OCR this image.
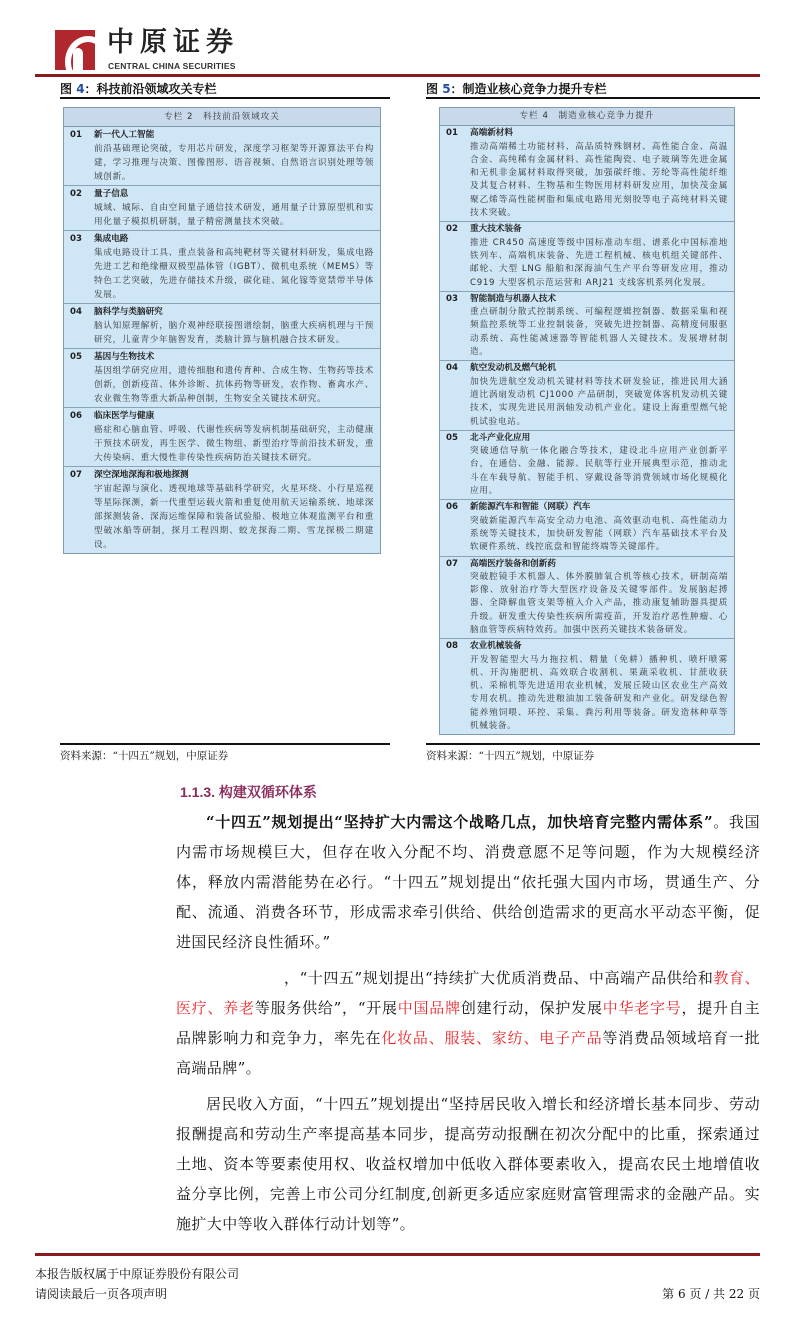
中原证券
CENTRAL CHINA SECURITIES
图 4：科技前沿领域攻关专栏
专栏 2　科技前沿领域攻关
01 新一代人工智能
前沿基础理论突破，专用芯片研发，深度学习框架等开源算法平台构建，学习推理与决策、图像图形、语音视频、自然语言识别处理等领域创新。
02 量子信息
城域、城际、自由空间量子通信技术研发，通用量子计算原型机和实用化量子模拟机研制，量子精密测量技术突破。
03 集成电路
集成电路设计工具、重点装备和高纯靶材等关键材料研发，集成电路先进工艺和绝缘栅双极型晶体管（IGBT）、微机电系统（MEMS）等特色工艺突破，先进存储技术升级，碳化硅、氮化镓等宽禁带半导体发展。
04 脑科学与类脑研究
脑认知原理解析，脑介观神经联接图谱绘制，脑重大疾病机理与干预研究，儿童青少年脑智发育，类脑计算与脑机融合技术研发。
05 基因与生物技术
基因组学研究应用，遗传细胞和遗传育种、合成生物、生物药等技术创新，创新疫苗、体外诊断、抗体药物等研发，农作物、畜禽水产、农业微生物等重大新品种创制，生物安全关键技术研究。
06 临床医学与健康
癌症和心脑血管、呼吸、代谢性疾病等发病机制基础研究，主动健康干预技术研发，再生医学、微生物组、新型治疗等前沿技术研发，重大传染病、重大慢性非传染性疾病防治关键技术研究。
07 深空深地深海和极地探测
宇宙起源与演化、透视地球等基础科学研究，火星环绕、小行星巡视等星际探测，新一代重型运载火箭和重复使用航天运输系统、地球深部探测装备、深海运维保障和装备试验船、极地立体观监测平台和重型破冰船等研制，探月工程四期、蛟龙探海二期、雪龙探极二期建设。
资料来源：“十四五”规划，中原证券
图 5：制造业核心竞争力提升专栏
专栏 4　制造业核心竞争力提升
01 高端新材料
推动高端稀土功能材料、高品质特殊钢材、高性能合金、高温合金、高纯稀有金属材料、高性能陶瓷、电子玻璃等先进金属和无机非金属材料取得突破，加强碳纤维、芳纶等高性能纤维及其复合材料、生物基和生物医用材料研发应用，加快茂金属聚乙烯等高性能树脂和集成电路用光刻胶等电子高纯材料关键技术突破。
02 重大技术装备
推进 CR450 高速度等级中国标准动车组、谱系化中国标准地铁列车、高端机床装备、先进工程机械、核电机组关键部件、邮轮、大型 LNG 船舶和深海油气生产平台等研发应用，推动 C919 大型客机示范运营和 ARJ21 支线客机系列化发展。
03 智能制造与机器人技术
重点研制分散式控制系统、可编程逻辑控制器、数据采集和视频监控系统等工业控制装备，突破先进控制器、高精度伺服驱动系统、高性能减速器等智能机器人关键技术。发展增材制造。
04 航空发动机及燃气轮机
加快先进航空发动机关键材料等技术研发验证，推进民用大涵道比涡扇发动机 CJ1000 产品研制，突破宽体客机发动机关键技术，实现先进民用涡轴发动机产业化。建设上海重型燃气轮机试验电站。
05 北斗产业化应用
突破通信导航一体化融合等技术，建设北斗应用产业创新平台，在通信、金融、能源、民航等行业开展典型示范，推动北斗在车载导航、智能手机、穿戴设备等消费领域市场化规模化应用。
06 新能源汽车和智能（网联）汽车
突破新能源汽车高安全动力电池、高效驱动电机、高性能动力系统等关键技术，加快研发智能（网联）汽车基础技术平台及软硬件系统、线控底盘和智能终端等关键部件。
07 高端医疗装备和创新药
突破腔镜手术机器人、体外膜肺氧合机等核心技术，研制高端影像、放射治疗等大型医疗设备及关键零部件。发展脑起搏器、全降解血管支架等植入介入产品，推动康复辅助器具提质升级。研发重大传染性疾病所需疫苗，开发治疗恶性肿瘤、心脑血管等疾病特效药。加强中医药关键技术装备研发。
08 农业机械装备
开发智能型大马力拖拉机、精量（免耕）播种机、喷杆喷雾机、开沟施肥机、高效联合收割机、果蔬采收机、甘蔗收获机、采棉机等先进适用农业机械，发展丘陵山区农业生产高效专用农机。推动先进粮油加工装备研发和产业化。研发绿色智能养殖饲喂、环控、采集、粪污利用等装备。研发造林种草等机械装备。
资料来源：“十四五”规划，中原证券
1.1.3. 构建双循环体系
“十四五”规划提出“坚持扩大内需这个战略几点，加快培育完整内需体系”。我国内需市场规模巨大，但存在收入分配不均、消费意愿不足等问题，作为大规模经济体，释放内需潜能势在必行。“十四五”规划提出“依托强大国内市场，贯通生产、分配、流通、消费各环节，形成需求牵引供给、供给创造需求的更高水平动态平衡，促进国民经济良性循环。”
，“十四五”规划提出“持续扩大优质消费品、中高端产品供给和教育、医疗、养老等服务供给”，“开展中国品牌创建行动，保护发展中华老字号，提升自主品牌影响力和竞争力，率先在化妆品、服装、家纺、电子产品等消费品领域培育一批高端品牌”。
居民收入方面，“十四五”规划提出“坚持居民收入增长和经济增长基本同步、劳动报酬提高和劳动生产率提高基本同步，提高劳动报酬在初次分配中的比重，探索通过土地、资本等要素使用权、收益权增加中低收入群体要素收入，提高农民土地增值收益分享比例，完善上市公司分红制度,创新更多适应家庭财富管理需求的金融产品。实施扩大中等收入群体行动计划等”。
本报告版权属于中原证券股份有限公司
请阅读最后一页各项声明	第 6 页 / 共 22 页
